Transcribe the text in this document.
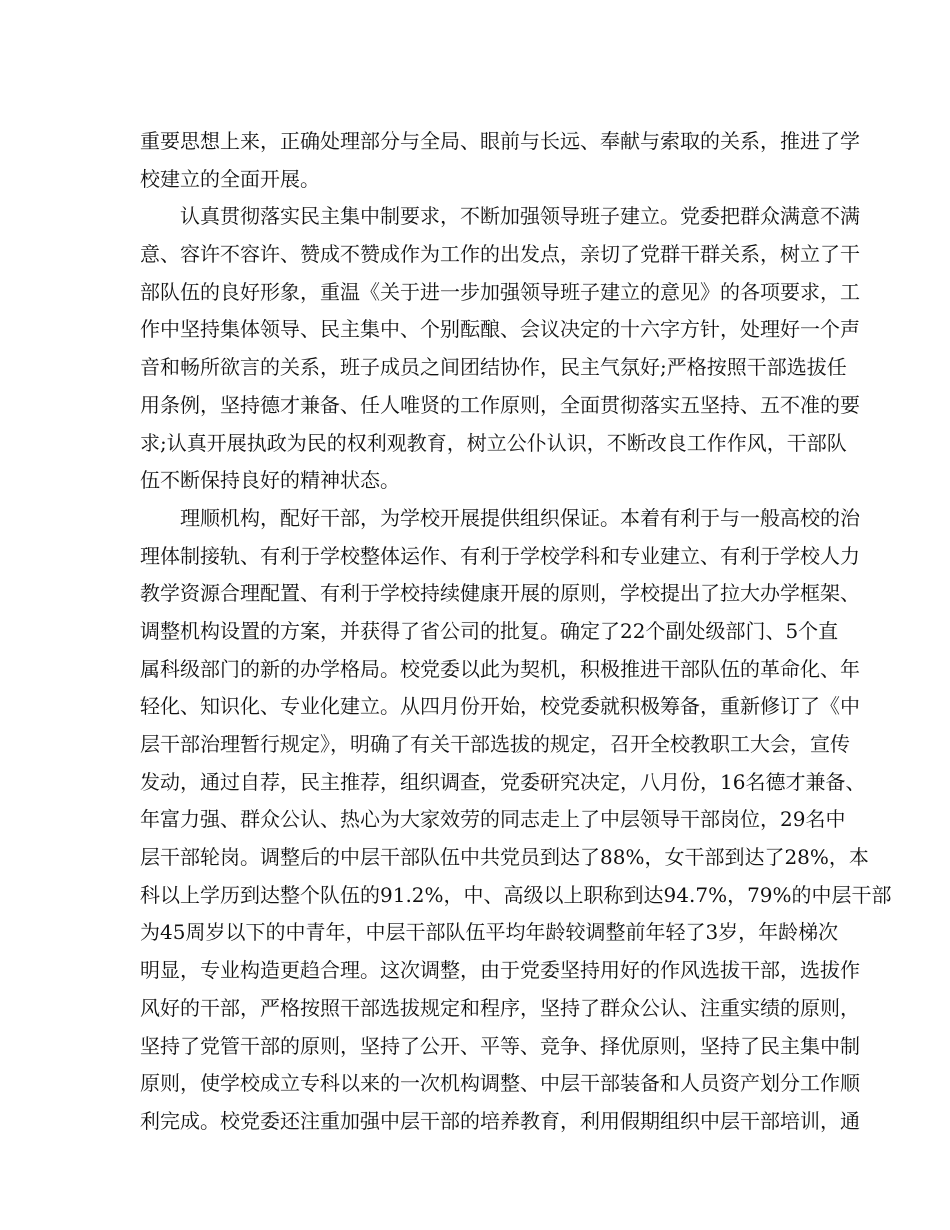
重要思想上来，正确处理部分与全局、眼前与长远、奉献与索取的关系，推进了学
校建立的全面开展。
认真贯彻落实民主集中制要求，不断加强领导班子建立。党委把群众满意不满
意、容许不容许、赞成不赞成作为工作的出发点，亲切了党群干群关系，树立了干
部队伍的良好形象，重温《关于进一步加强领导班子建立的意见》的各项要求，工
作中坚持集体领导、民主集中、个别酝酿、会议决定的十六字方针，处理好一个声
音和畅所欲言的关系，班子成员之间团结协作，民主气氛好;严格按照干部选拔任
用条例，坚持德才兼备、任人唯贤的工作原则，全面贯彻落实五坚持、五不准的要
求;认真开展执政为民的权利观教育，树立公仆认识，不断改良工作作风，干部队
伍不断保持良好的精神状态。
理顺机构，配好干部，为学校开展提供组织保证。本着有利于与一般高校的治
理体制接轨、有利于学校整体运作、有利于学校学科和专业建立、有利于学校人力
教学资源合理配置、有利于学校持续健康开展的原则，学校提出了拉大办学框架、
调整机构设置的方案，并获得了省公司的批复。确定了22个副处级部门、5个直
属科级部门的新的办学格局。校党委以此为契机，积极推进干部队伍的革命化、年
轻化、知识化、专业化建立。从四月份开始，校党委就积极筹备，重新修订了《中
层干部治理暂行规定》，明确了有关干部选拔的规定，召开全校教职工大会，宣传
发动，通过自荐，民主推荐，组织调查，党委研究决定，八月份，16名德才兼备、
年富力强、群众公认、热心为大家效劳的同志走上了中层领导干部岗位，29名中
层干部轮岗。调整后的中层干部队伍中共党员到达了88%，女干部到达了28%，本
科以上学历到达整个队伍的91.2%，中、高级以上职称到达94.7%，79%的中层干部
为45周岁以下的中青年，中层干部队伍平均年龄较调整前年轻了3岁，年龄梯次
明显，专业构造更趋合理。这次调整，由于党委坚持用好的作风选拔干部，选拔作
风好的干部，严格按照干部选拔规定和程序，坚持了群众公认、注重实绩的原则，
坚持了党管干部的原则，坚持了公开、平等、竞争、择优原则，坚持了民主集中制
原则，使学校成立专科以来的一次机构调整、中层干部装备和人员资产划分工作顺
利完成。校党委还注重加强中层干部的培养教育，利用假期组织中层干部培训，通
